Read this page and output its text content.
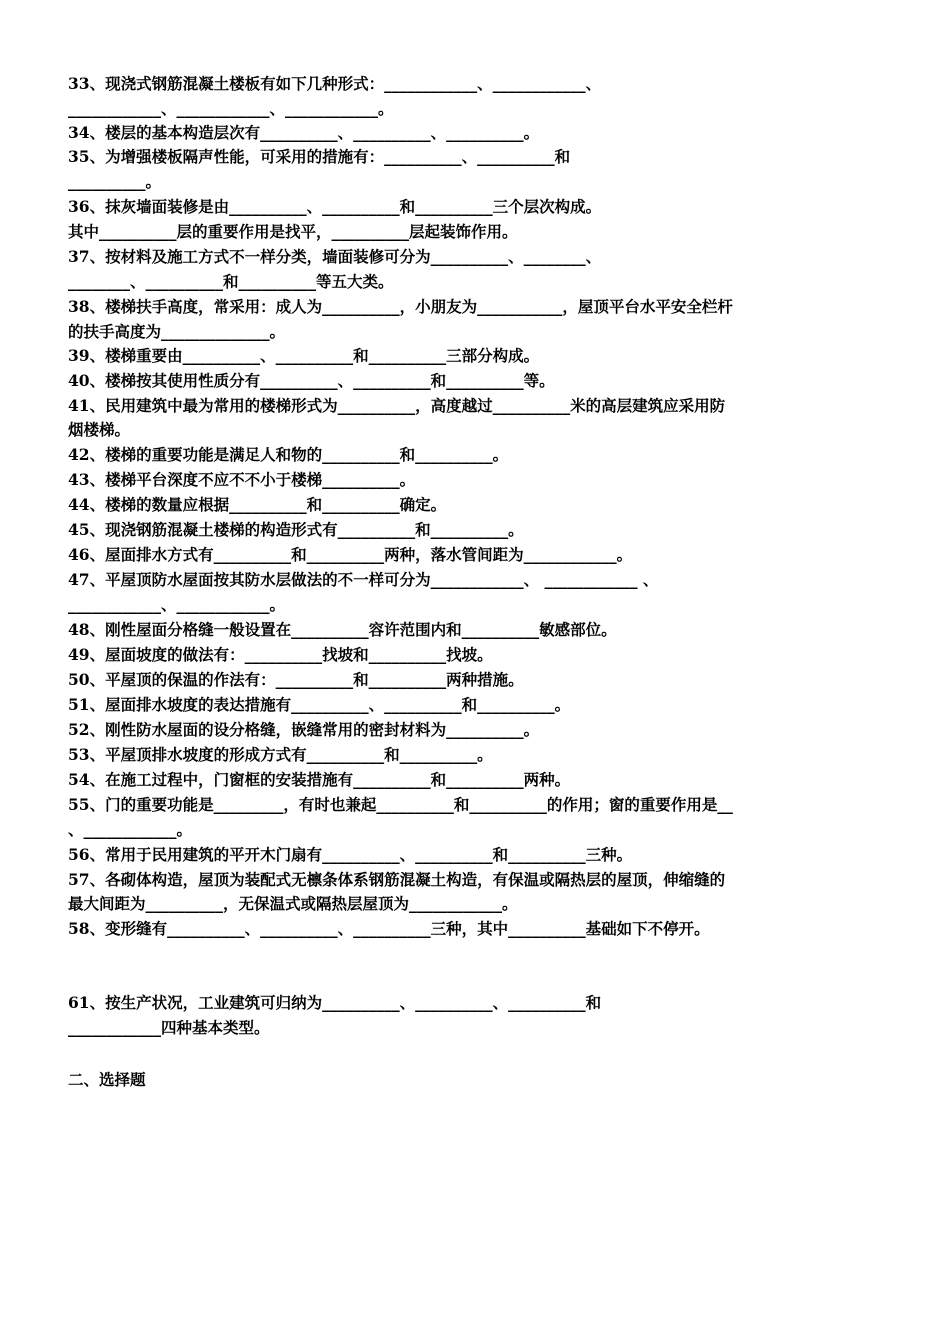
33、现浇式钢筋混凝土楼板有如下几种形式：____________、____________、
____________、____________、____________。
34、楼层的基本构造层次有__________、__________、__________。
35、为增强楼板隔声性能，可采用的措施有：__________、__________和
__________。
36、抹灰墙面装修是由__________、__________和__________三个层次构成。
其中__________层的重要作用是找平，__________层起装饰作用。
37、按材料及施工方式不一样分类，墙面装修可分为__________、________、
________、__________和__________等五大类。
38、楼梯扶手高度，常采用：成人为__________，小朋友为___________，屋顶平台水平安全栏杆
的扶手高度为______________。
39、楼梯重要由__________、__________和__________三部分构成。
40、楼梯按其使用性质分有__________、__________和__________等。
41、民用建筑中最为常用的楼梯形式为__________，高度越过__________米的高层建筑应采用防
烟楼梯。
42、楼梯的重要功能是满足人和物的__________和__________。
43、楼梯平台深度不应不不小于楼梯__________。
44、楼梯的数量应根据__________和__________确定。
45、现浇钢筋混凝土楼梯的构造形式有__________和__________。
46、屋面排水方式有__________和__________两种，落水管间距为____________。
47、平屋顶防水屋面按其防水层做法的不一样可分为____________、 ____________ 、
____________、____________。
48、刚性屋面分格缝一般设置在__________容许范围内和__________敏感部位。
49、屋面坡度的做法有：__________找坡和__________找坡。
50、平屋顶的保温的作法有：__________和__________两种措施。
51、屋面排水坡度的表达措施有__________、__________和__________。
52、刚性防水屋面的设分格缝，嵌缝常用的密封材料为__________。
53、平屋顶排水坡度的形成方式有__________和__________。
54、在施工过程中，门窗框的安装措施有__________和__________两种。
55、门的重要功能是_________，有时也兼起__________和__________的作用；窗的重要作用是__
、____________。
56、常用于民用建筑的平开木门扇有__________、__________和__________三种。
57、各砌体构造，屋顶为装配式无檩条体系钢筋混凝土构造，有保温或隔热层的屋顶，伸缩缝的
最大间距为__________，无保温式或隔热层屋顶为____________。
58、变形缝有__________、__________、__________三种，其中__________基础如下不停开。
61、按生产状况，工业建筑可归纳为__________、__________、__________和
____________四种基本类型。
二、选择题
